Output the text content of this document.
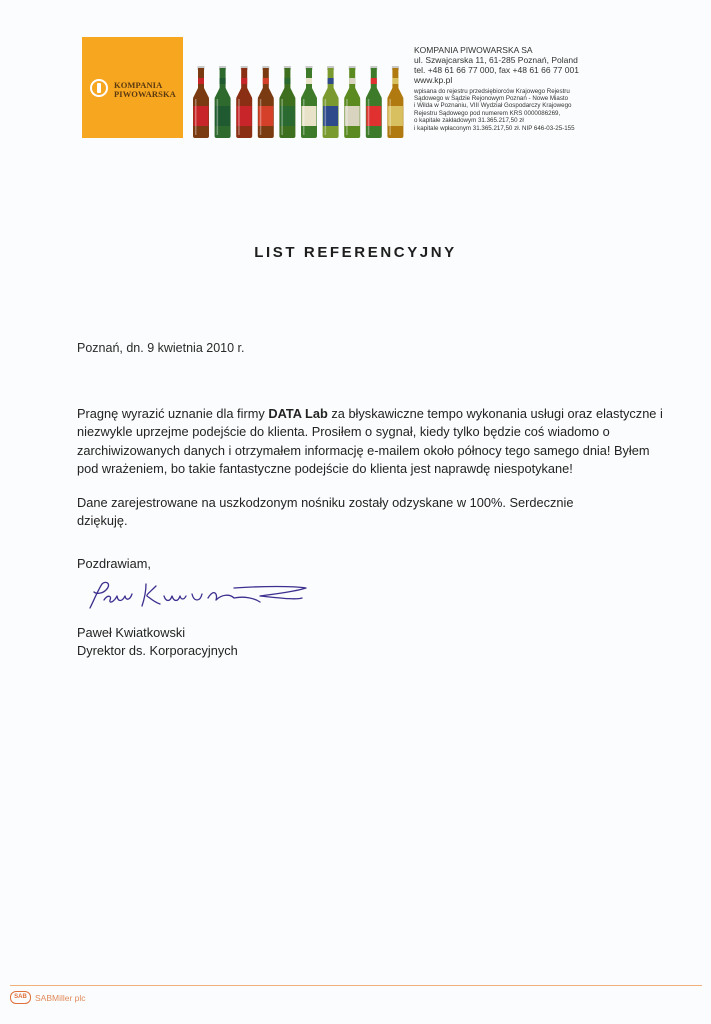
KOMPANIA
PIWOWARSKA
KOMPANIA PIWOWARSKA SA
ul. Szwajcarska 11, 61-285 Poznań, Poland
tel. +48 61 66 77 000, fax +48 61 66 77 001
www.kp.pl
wpisana do rejestru przedsiębiorców Krajowego Rejestru
Sądowego w Sądzie Rejonowym Poznań - Nowe Miasto
i Wilda w Poznaniu, VIII Wydział Gospodarczy Krajowego
Rejestru Sądowego pod numerem KRS 0000086269,
o kapitale zakładowym 31.365.217,50 zł
i kapitale wpłaconym 31.365.217,50 zł. NIP 646-03-25-155
LIST REFERENCYJNY
Poznań, dn. 9 kwietnia 2010 r.

Pragnę wyrazić uznanie dla firmy DATA Lab za błyskawiczne tempo wykonania usługi oraz elastyczne i
niezwykle uprzejme podejście do klienta. Prosiłem o sygnał, kiedy tylko będzie coś wiadomo o
zarchiwizowanych danych i otrzymałem informację e-mailem około północy tego samego dnia! Byłem
pod wrażeniem, bo takie fantastyczne podejście do klienta jest naprawdę niespotykane!

Dane zarejestrowane na uszkodzonym nośniku zostały odzyskane w 100%. Serdecznie dziękuję.

Pozdrawiam,
Paweł Kwiatkowski
Dyrektor ds. Korporacyjnych
SAB SABMiller plc
